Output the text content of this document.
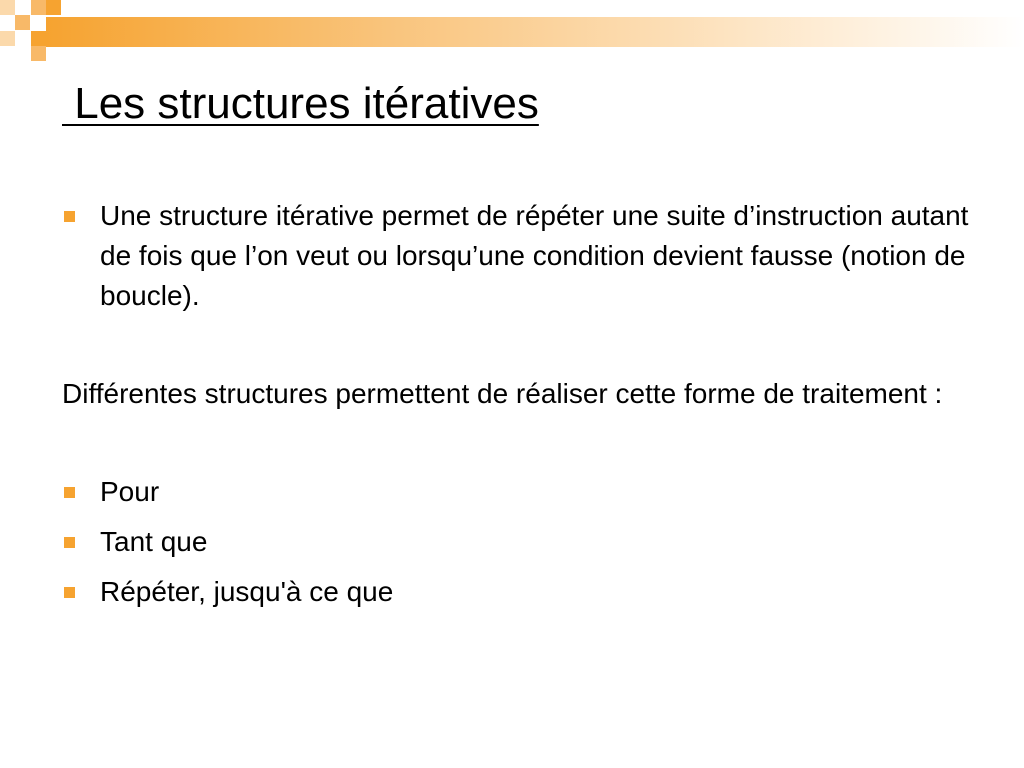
Les structures itératives

Une structure itérative permet de répéter une suite d’instruction autant de fois que l’on veut ou lorsqu’une condition devient fausse (notion de boucle).

Différentes structures permettent de réaliser cette forme de traitement :

Pour

Tant que

Répéter, jusqu'à ce que
